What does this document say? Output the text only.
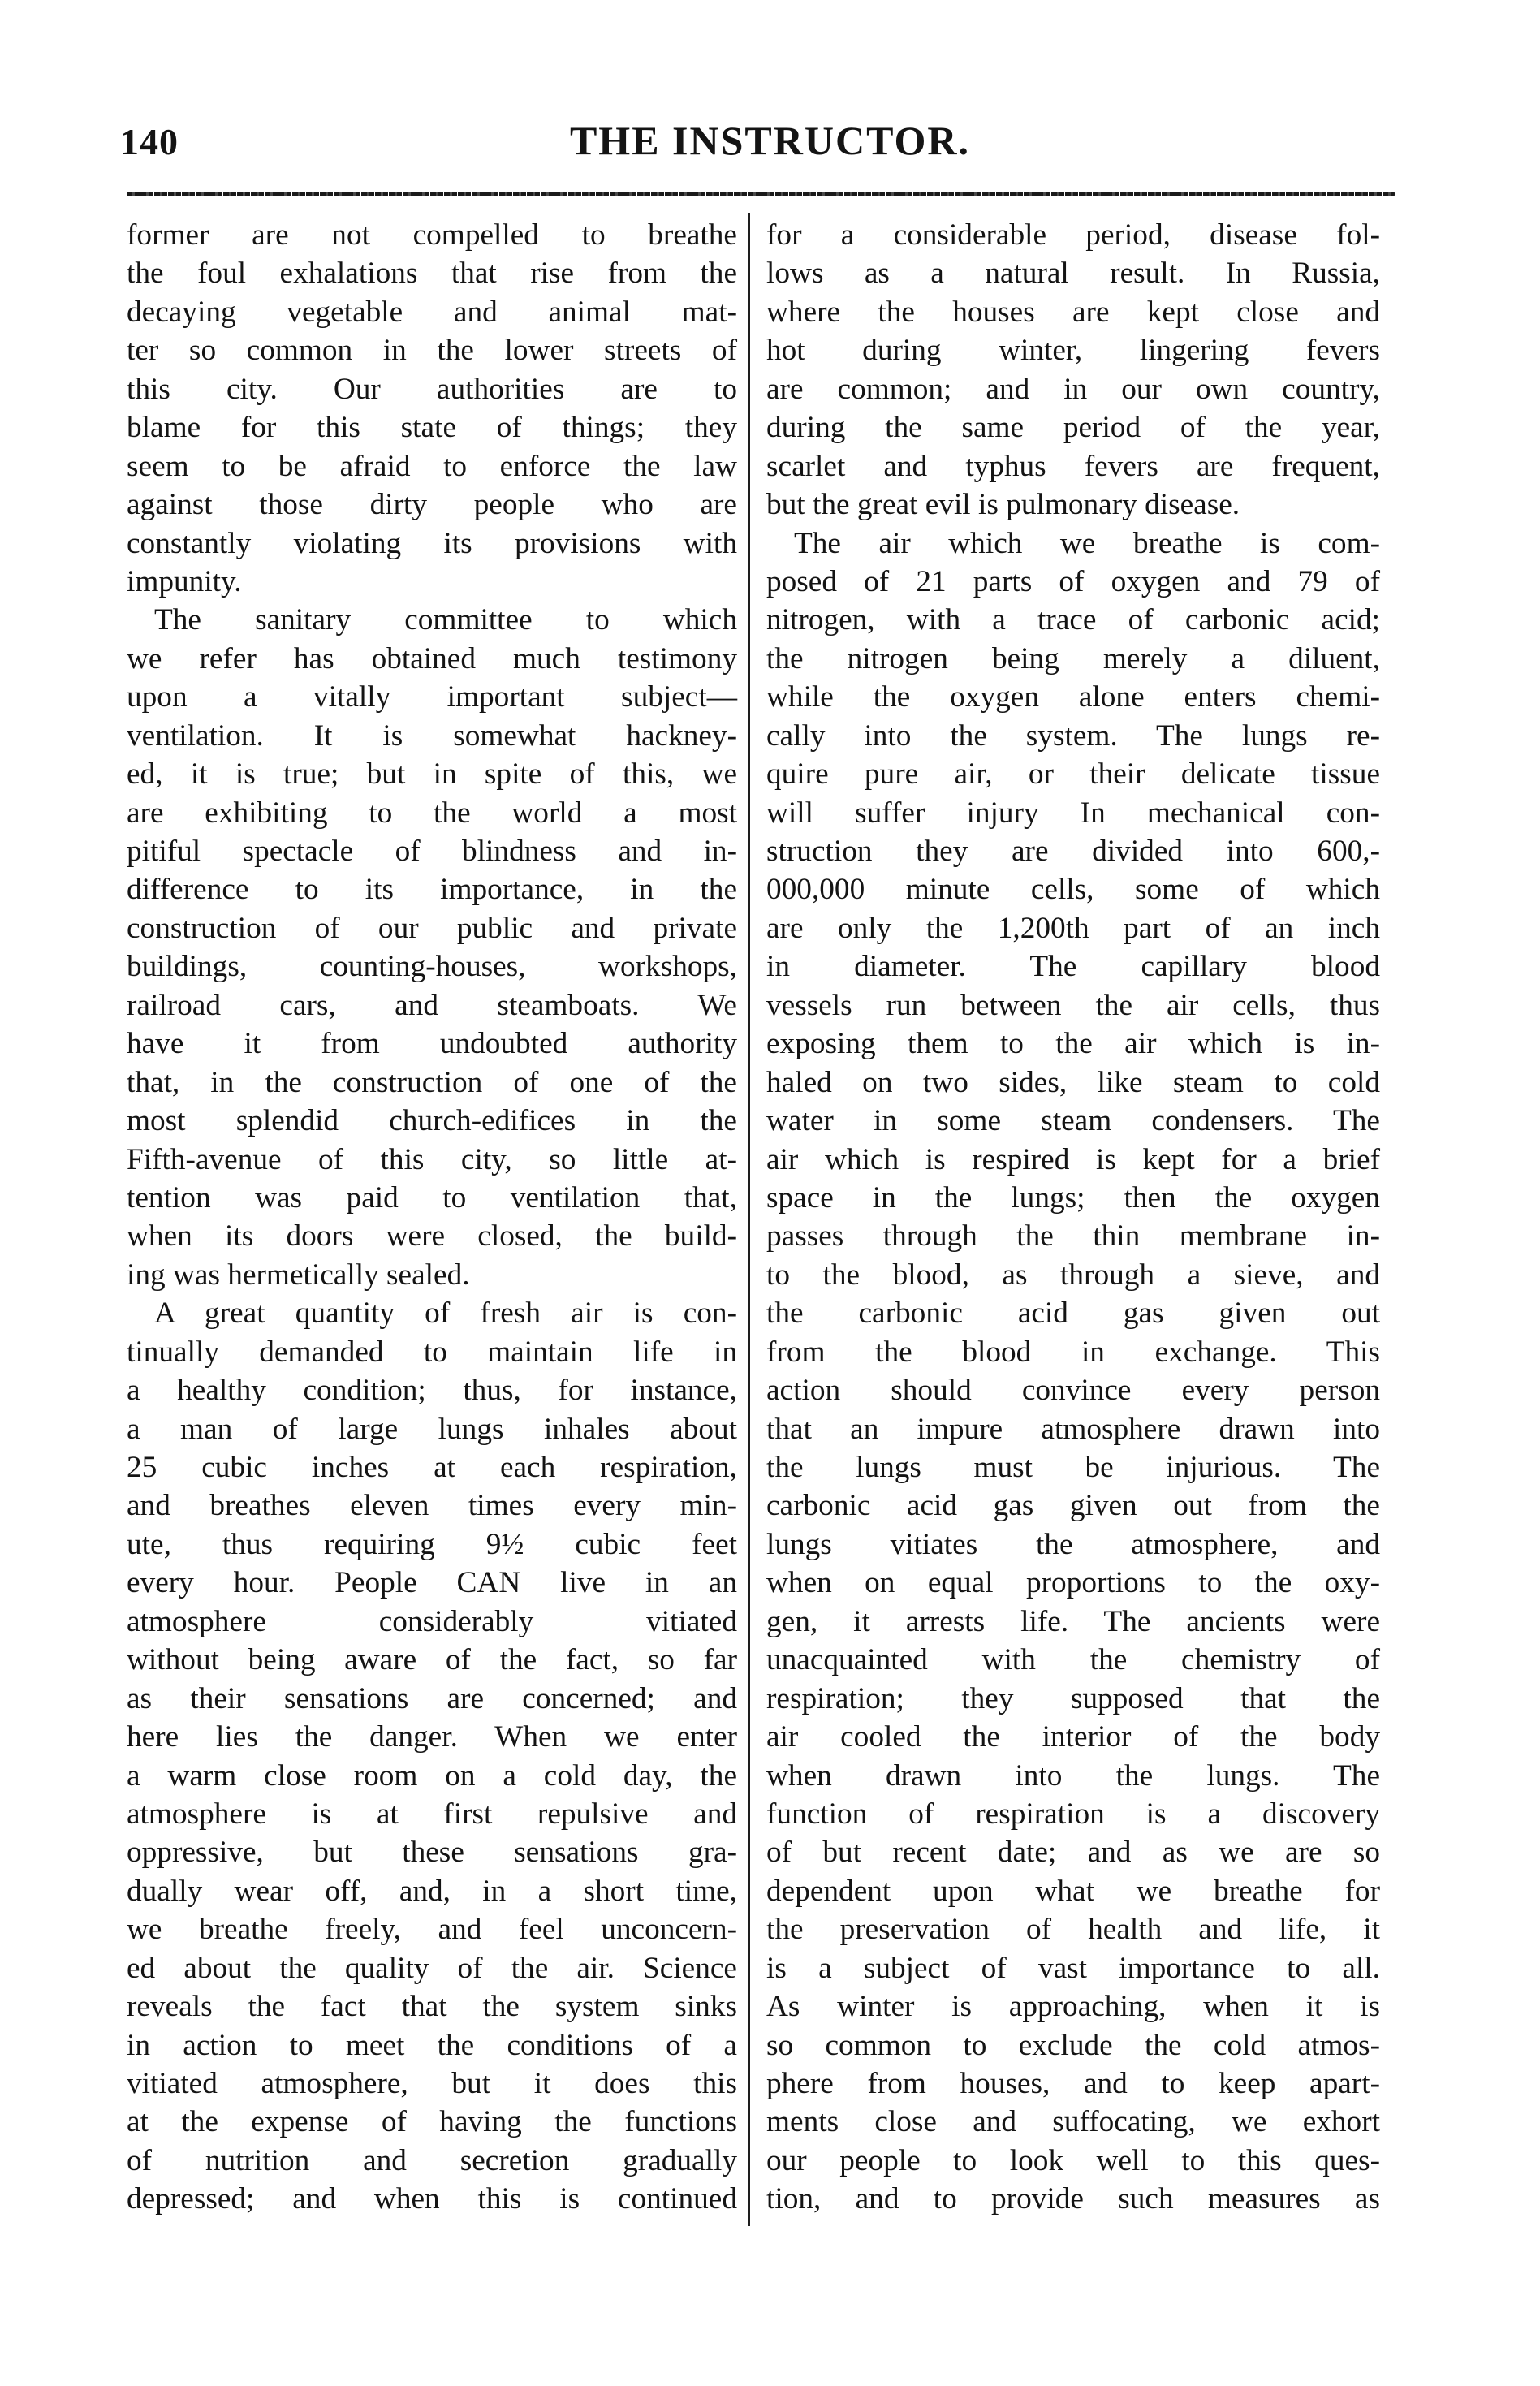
140	THE INSTRUCTOR.
former are not compelled to breathe
the foul exhalations that rise from the
decaying vegetable and animal mat-
ter so common in the lower streets of
this city. Our authorities are to
blame for this state of things; they
seem to be afraid to enforce the law
against those dirty people who are
constantly violating its provisions with
impunity.
The sanitary committee to which
we refer has obtained much testimony
upon a vitally important subject—
ventilation. It is somewhat hackney-
ed, it is true; but in spite of this, we
are exhibiting to the world a most
pitiful spectacle of blindness and in-
difference to its importance, in the
construction of our public and private
buildings, counting-houses, workshops,
railroad cars, and steamboats. We
have it from undoubted authority
that, in the construction of one of the
most splendid church-edifices in the
Fifth-avenue of this city, so little at-
tention was paid to ventilation that,
when its doors were closed, the build-
ing was hermetically sealed.
A great quantity of fresh air is con-
tinually demanded to maintain life in
a healthy condition; thus, for instance,
a man of large lungs inhales about
25 cubic inches at each respiration,
and breathes eleven times every min-
ute, thus requiring 9½ cubic feet
every hour. People CAN live in an
atmosphere considerably vitiated
without being aware of the fact, so far
as their sensations are concerned; and
here lies the danger. When we enter
a warm close room on a cold day, the
atmosphere is at first repulsive and
oppressive, but these sensations gra-
dually wear off, and, in a short time,
we breathe freely, and feel unconcern-
ed about the quality of the air. Science
reveals the fact that the system sinks
in action to meet the conditions of a
vitiated atmosphere, but it does this
at the expense of having the functions
of nutrition and secretion gradually
depressed; and when this is continued
for a considerable period, disease fol-
lows as a natural result. In Russia,
where the houses are kept close and
hot during winter, lingering fevers
are common; and in our own country,
during the same period of the year,
scarlet and typhus fevers are frequent,
but the great evil is pulmonary disease.
The air which we breathe is com-
posed of 21 parts of oxygen and 79 of
nitrogen, with a trace of carbonic acid;
the nitrogen being merely a diluent,
while the oxygen alone enters chemi-
cally into the system. The lungs re-
quire pure air, or their delicate tissue
will suffer injury In mechanical con-
struction they are divided into 600,-
000,000 minute cells, some of which
are only the 1,200th part of an inch
in diameter. The capillary blood
vessels run between the air cells, thus
exposing them to the air which is in-
haled on two sides, like steam to cold
water in some steam condensers. The
air which is respired is kept for a brief
space in the lungs; then the oxygen
passes through the thin membrane in-
to the blood, as through a sieve, and
the carbonic acid gas given out
from the blood in exchange. This
action should convince every person
that an impure atmosphere drawn into
the lungs must be injurious. The
carbonic acid gas given out from the
lungs vitiates the atmosphere, and
when on equal proportions to the oxy-
gen, it arrests life. The ancients were
unacquainted with the chemistry of
respiration; they supposed that the
air cooled the interior of the body
when drawn into the lungs. The
function of respiration is a discovery
of but recent date; and as we are so
dependent upon what we breathe for
the preservation of health and life, it
is a subject of vast importance to all.
As winter is approaching, when it is
so common to exclude the cold atmos-
phere from houses, and to keep apart-
ments close and suffocating, we exhort
our people to look well to this ques-
tion, and to provide such measures as
